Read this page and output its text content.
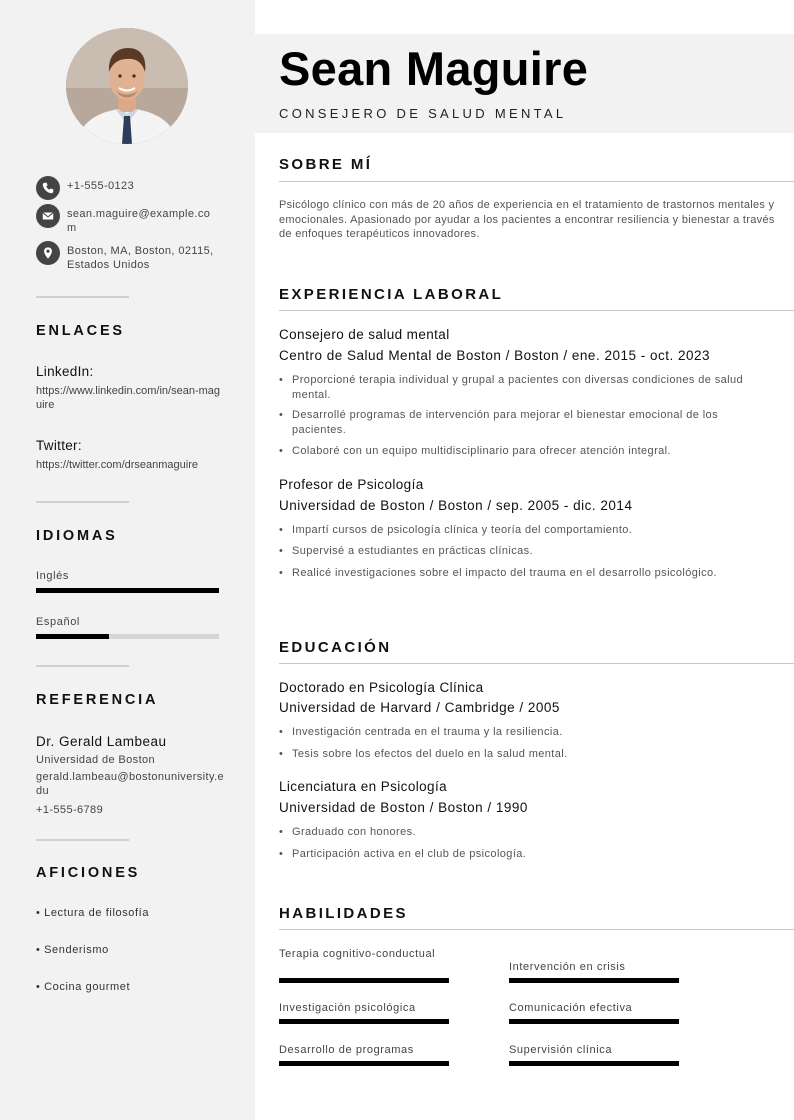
+1-555-0123
sean.maguire@example.com
Boston, MA, Boston, 02115, Estados Unidos
ENLACES
LinkedIn:
https://www.linkedin.com/in/sean-maguire
Twitter:
https://twitter.com/drseanmaguire
IDIOMAS
Inglés
Español
REFERENCIA
Dr. Gerald Lambeau
Universidad de Boston
gerald.lambeau@bostonuniversity.edu
+1-555-6789
AFICIONES
• Lectura de filosofía
• Senderismo
• Cocina gourmet
Sean Maguire
CONSEJERO DE SALUD MENTAL
SOBRE MÍ

Psicólogo clínico con más de 20 años de experiencia en el tratamiento de trastornos mentales y emocionales. Apasionado por ayudar a los pacientes a encontrar resiliencia y bienestar a través de enfoques terapéuticos innovadores.

EXPERIENCIA LABORAL
Consejero de salud mental
Centro de Salud Mental de Boston / Boston / ene. 2015 - oct. 2023
• Proporcioné terapia individual y grupal a pacientes con diversas condiciones de salud mental.
• Desarrollé programas de intervención para mejorar el bienestar emocional de los pacientes.
• Colaboré con un equipo multidisciplinario para ofrecer atención integral.
Profesor de Psicología
Universidad de Boston / Boston / sep. 2005 - dic. 2014
• Impartí cursos de psicología clínica y teoría del comportamiento.
• Supervisé a estudiantes en prácticas clínicas.
• Realicé investigaciones sobre el impacto del trauma en el desarrollo psicológico.
EDUCACIÓN
Doctorado en Psicología Clínica
Universidad de Harvard / Cambridge / 2005
• Investigación centrada en el trauma y la resiliencia.
• Tesis sobre los efectos del duelo en la salud mental.
Licenciatura en Psicología
Universidad de Boston / Boston / 1990
• Graduado con honores.
• Participación activa en el club de psicología.
HABILIDADES
Terapia cognitivo-conductual
Intervención en crisis
Investigación psicológica	Comunicación efectiva
Desarrollo de programas	Supervisión clínica
